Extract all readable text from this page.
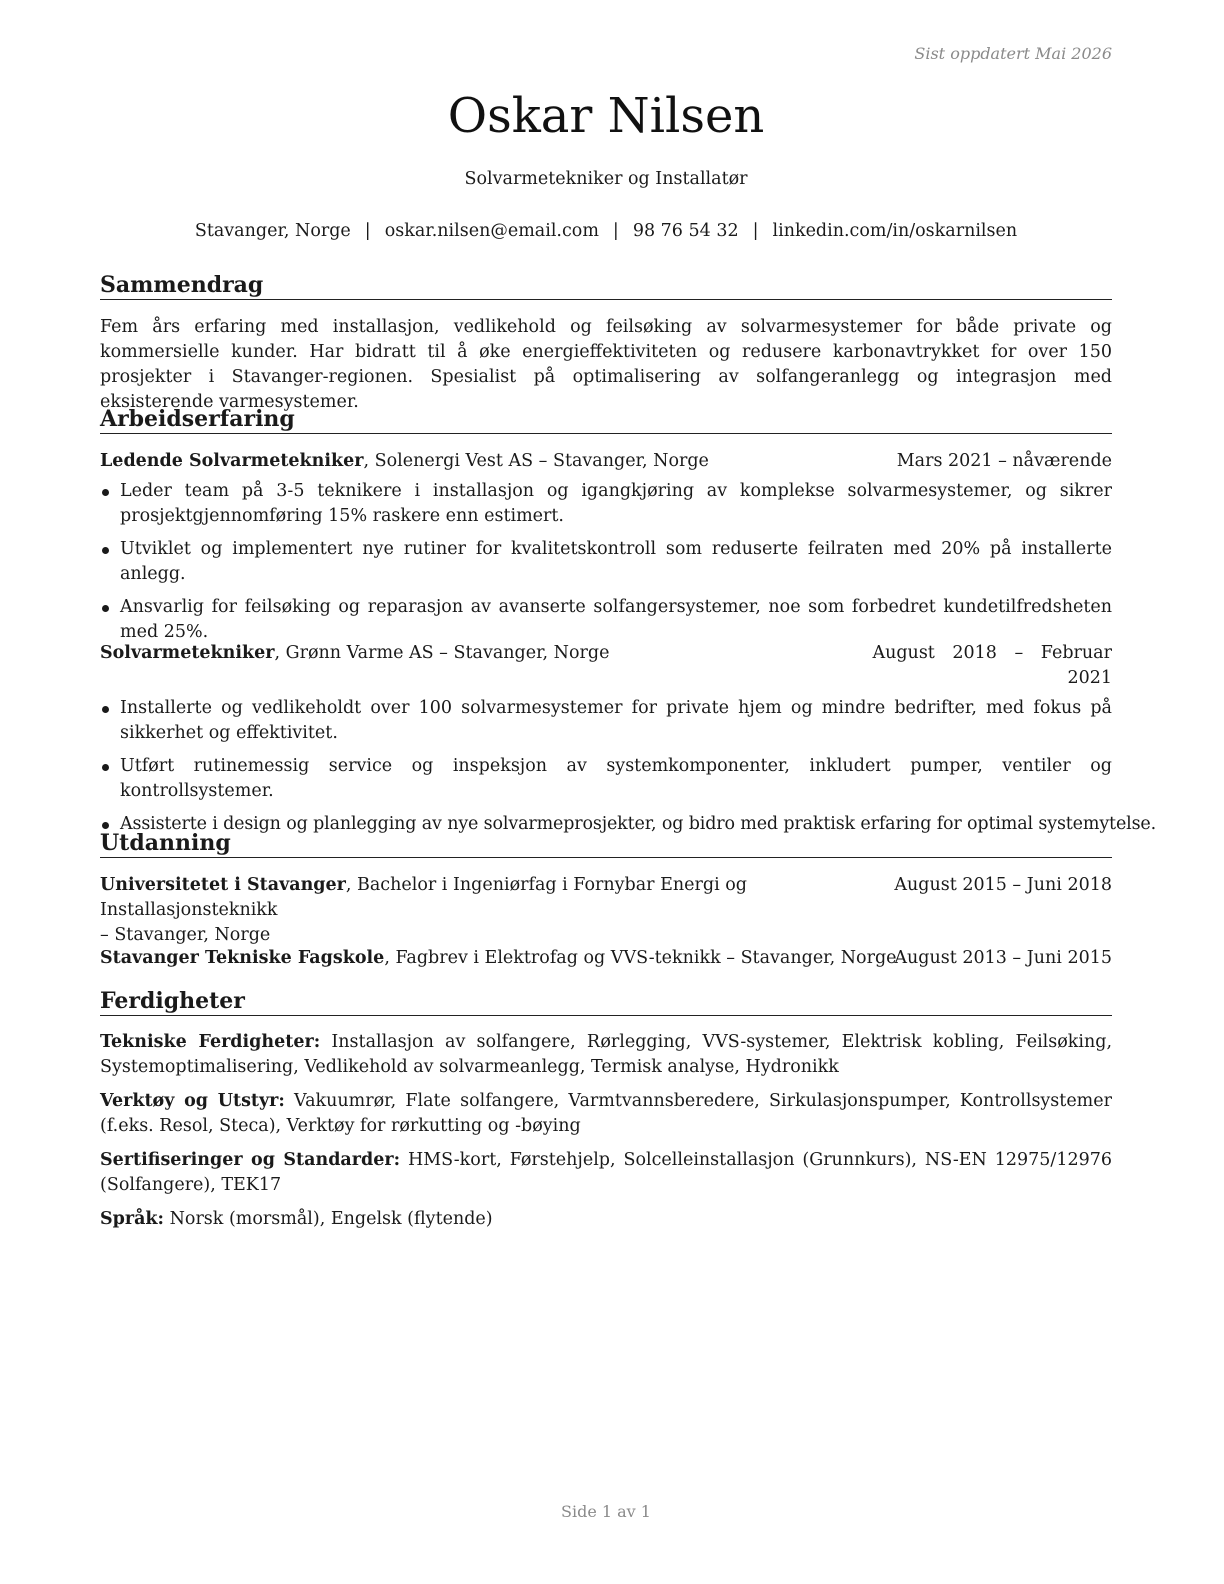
Sist oppdatert Mai 2026
Oskar Nilsen
Solvarmetekniker og Installatør
Stavanger, Norge | oskar.nilsen@email.com | 98 76 54 32 | linkedin.com/in/oskarnilsen
Sammendrag
Fem års erfaring med installasjon, vedlikehold og feilsøking av solvarmesystemer for både private og kommersielle kunder. Har bidratt til å øke energieffektiviteten og redusere karbonavtrykket for over 150 prosjekter i Stavanger-regionen. Spesialist på optimalisering av solfangeranlegg og integrasjon med eksisterende varmesystemer.
Arbeidserfaring
Ledende Solvarmetekniker, Solenergi Vest AS – Stavanger, Norge	Mars 2021 – nåværende
Leder team på 3-5 teknikere i installasjon og igangkjøring av komplekse solvarmesystemer, og sikrer prosjektgjennomføring 15% raskere enn estimert.
Utviklet og implementert nye rutiner for kvalitetskontroll som reduserte feilraten med 20% på installerte anlegg.
Ansvarlig for feilsøking og reparasjon av avanserte solfangersystemer, noe som forbedret kundetilfredsheten med 25%.
Solvarmetekniker, Grønn Varme AS – Stavanger, Norge	August 2018 – Februar
2021
Installerte og vedlikeholdt over 100 solvarmesystemer for private hjem og mindre bedrifter, med fokus på sikkerhet og effektivitet.
Utført rutinemessig service og inspeksjon av systemkomponenter, inkludert pumper, ventiler og kontrollsystemer.
Assisterte i design og planlegging av nye solvarmeprosjekter, og bidro med praktisk erfaring for optimal systemytelse.
Utdanning
Universitetet i Stavanger, Bachelor i Ingeniørfag i Fornybar Energi og Installasjonsteknikk
– Stavanger, Norge
August 2015 – Juni 2018
Stavanger Tekniske Fagskole, Fagbrev i Elektrofag og VVS-teknikk – Stavanger, Norge
August 2013 – Juni 2015
Ferdigheter
Tekniske Ferdigheter: Installasjon av solfangere, Rørlegging, VVS-systemer, Elektrisk kobling, Feilsøking, Systemoptimalisering, Vedlikehold av solvarmeanlegg, Termisk analyse, Hydronikk
Verktøy og Utstyr: Vakuumrør, Flate solfangere, Varmtvannsberedere, Sirkulasjonspumper, Kontrollsystemer (f.eks. Resol, Steca), Verktøy for rørkutting og -bøying
Sertifiseringer og Standarder: HMS-kort, Førstehjelp, Solcelleinstallasjon (Grunnkurs), NS-EN 12975/12976 (Solfangere), TEK17
Språk: Norsk (morsmål), Engelsk (flytende)
Side 1 av 1
